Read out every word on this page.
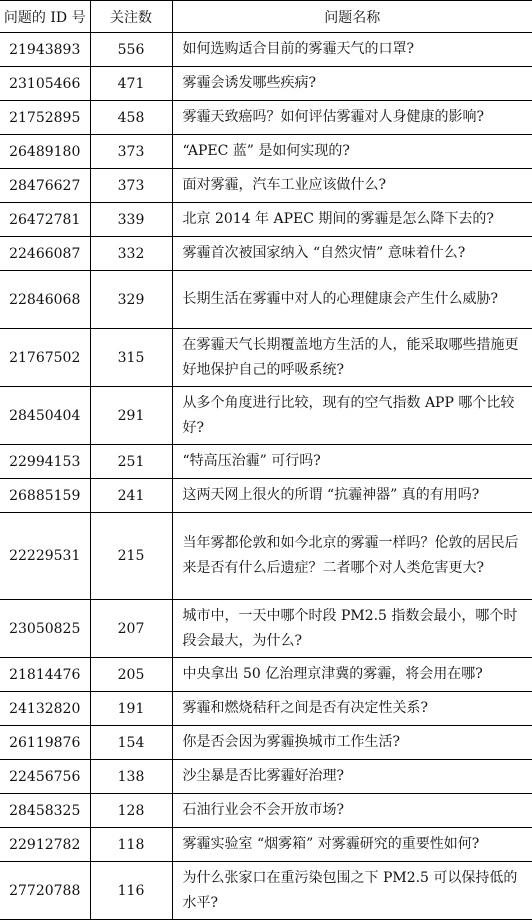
问题的 ID 号	关注数	问题名称
21943893	556	如何选购适合目前的雾霾天气的口罩?
23105466	471	雾霾会诱发哪些疾病?
21752895	458	雾霾天致癌吗？如何评估雾霾对人身健康的影响?
26489180	373	“APEC 蓝” 是如何实现的?
28476627	373	面对雾霾，汽车工业应该做什么?
26472781	339	北京 2014 年 APEC 期间的雾霾是怎么降下去的?
22466087	332	雾霾首次被国家纳入 “自然灾情” 意味着什么?
22846068	329	长期生活在雾霾中对人的心理健康会产生什么威胁?
21767502	315	在雾霾天气长期覆盖地方生活的人，能采取哪些措施更好地保护自己的呼吸系统?
28450404	291	从多个角度进行比较，现有的空气指数 APP 哪个比较好?
22994153	251	“特高压治霾” 可行吗?
26885159	241	这两天网上很火的所谓 “抗霾神器” 真的有用吗?
22229531	215	当年雾都伦敦和如今北京的雾霾一样吗？伦敦的居民后来是否有什么后遗症？二者哪个对人类危害更大?
23050825	207	城市中，一天中哪个时段 PM2.5 指数会最小，哪个时段会最大，为什么?
21814476	205	中央拿出 50 亿治理京津冀的雾霾，将会用在哪?
24132820	191	雾霾和燃烧秸秆之间是否有决定性关系?
26119876	154	你是否会因为雾霾换城市工作生活?
22456756	138	沙尘暴是否比雾霾好治理?
28458325	128	石油行业会不会开放市场?
22912782	118	雾霾实验室 “烟雾箱” 对雾霾研究的重要性如何?
27720788	116	为什么张家口在重污染包围之下 PM2.5 可以保持低的水平?
